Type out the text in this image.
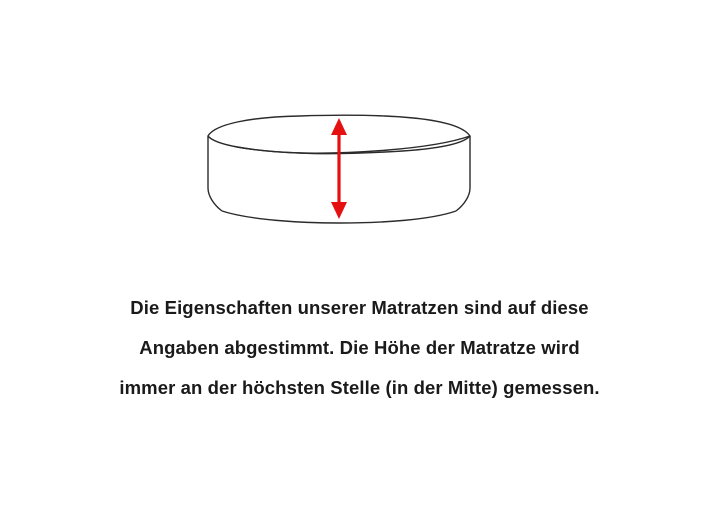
Die Eigenschaften unserer Matratzen sind auf diese
Angaben abgestimmt. Die Höhe der Matratze wird
immer an der höchsten Stelle (in der Mitte) gemessen.
